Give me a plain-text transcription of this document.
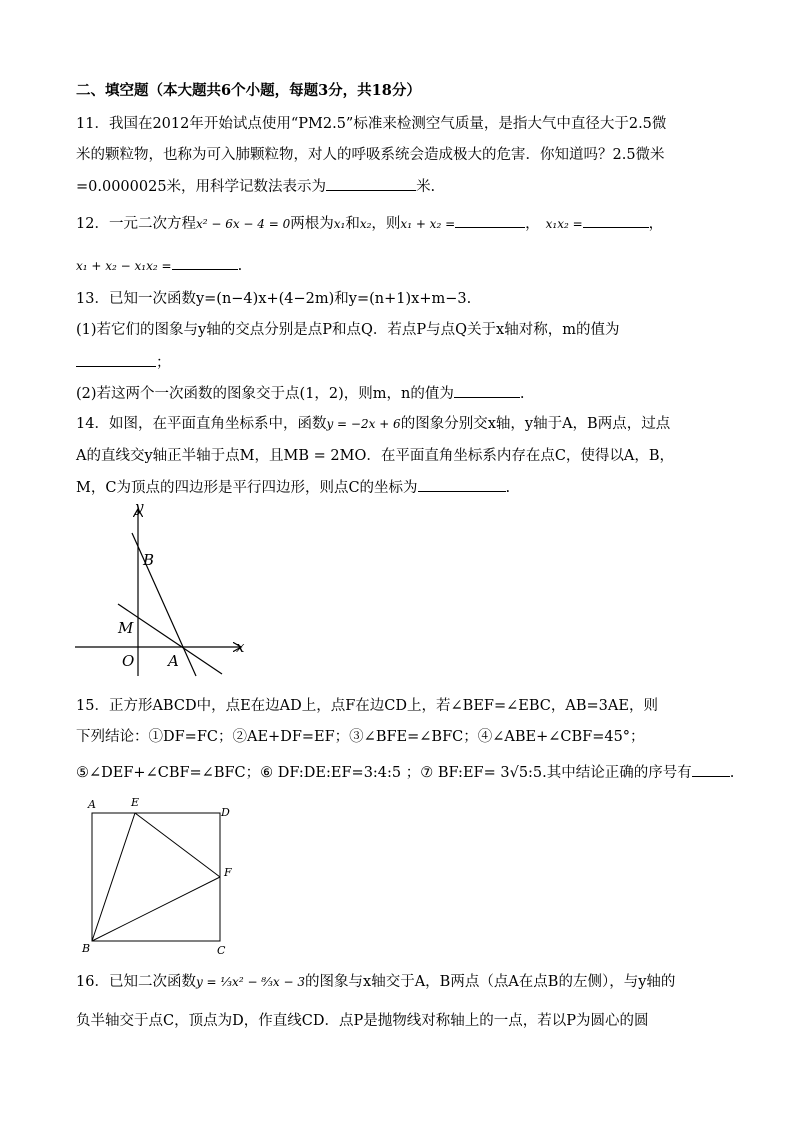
二、填空题（本大题共6个小题，每题3分，共18分）
11．我国在2012年开始试点使用“PM2.5”标准来检测空气质量，是指大气中直径大于2.5微
米的颗粒物，也称为可入肺颗粒物，对人的呼吸系统会造成极大的危害．你知道吗？2.5微米
=0.0000025米，用科学记数法表示为	米.
12．一元二次方程x² − 6x − 4 = 0两根为x₁和x₂，则x₁ + x₂ =	， x₁x₂ =	，
x₁ + x₂ − x₁x₂ =	.
13．已知一次函数y=(n−4)x+(4−2m)和y=(n+1)x+m−3.
(1)若它们的图象与y轴的交点分别是点P和点Q．若点P与点Q关于x轴对称，m的值为
；
(2)若这两个一次函数的图象交于点(1，2)，则m，n的值为	.
14．如图，在平面直角坐标系中，函数y = −2x + 6的图象分别交x轴，y轴于A，B两点，过点
A的直线交y轴正半轴于点M，且MB = 2MO．在平面直角坐标系内存在点C，使得以A，B，
M，C为顶点的四边形是平行四边形，则点C的坐标为	.
y
x
B
M
O A
15．正方形ABCD中，点E在边AD上，点F在边CD上，若∠BEF=∠EBC，AB=3AE，则
下列结论：①DF=FC；②AE+DF=EF；③∠BFE=∠BFC；④∠ABE+∠CBF=45°；
⑤∠DEF+∠CBF=∠BFC；⑥ DF:DE:EF=3:4:5 ；⑦ BF:EF= 3√5:5.其中结论正确的序号有	.
A	E
D
F
B	C
16．已知二次函数y = ⅓x² − ⁸⁄₃x − 3的图象与x轴交于A，B两点（点A在点B的左侧），与y轴的
负半轴交于点C，顶点为D，作直线CD．点P是抛物线对称轴上的一点，若以P为圆心的圆
